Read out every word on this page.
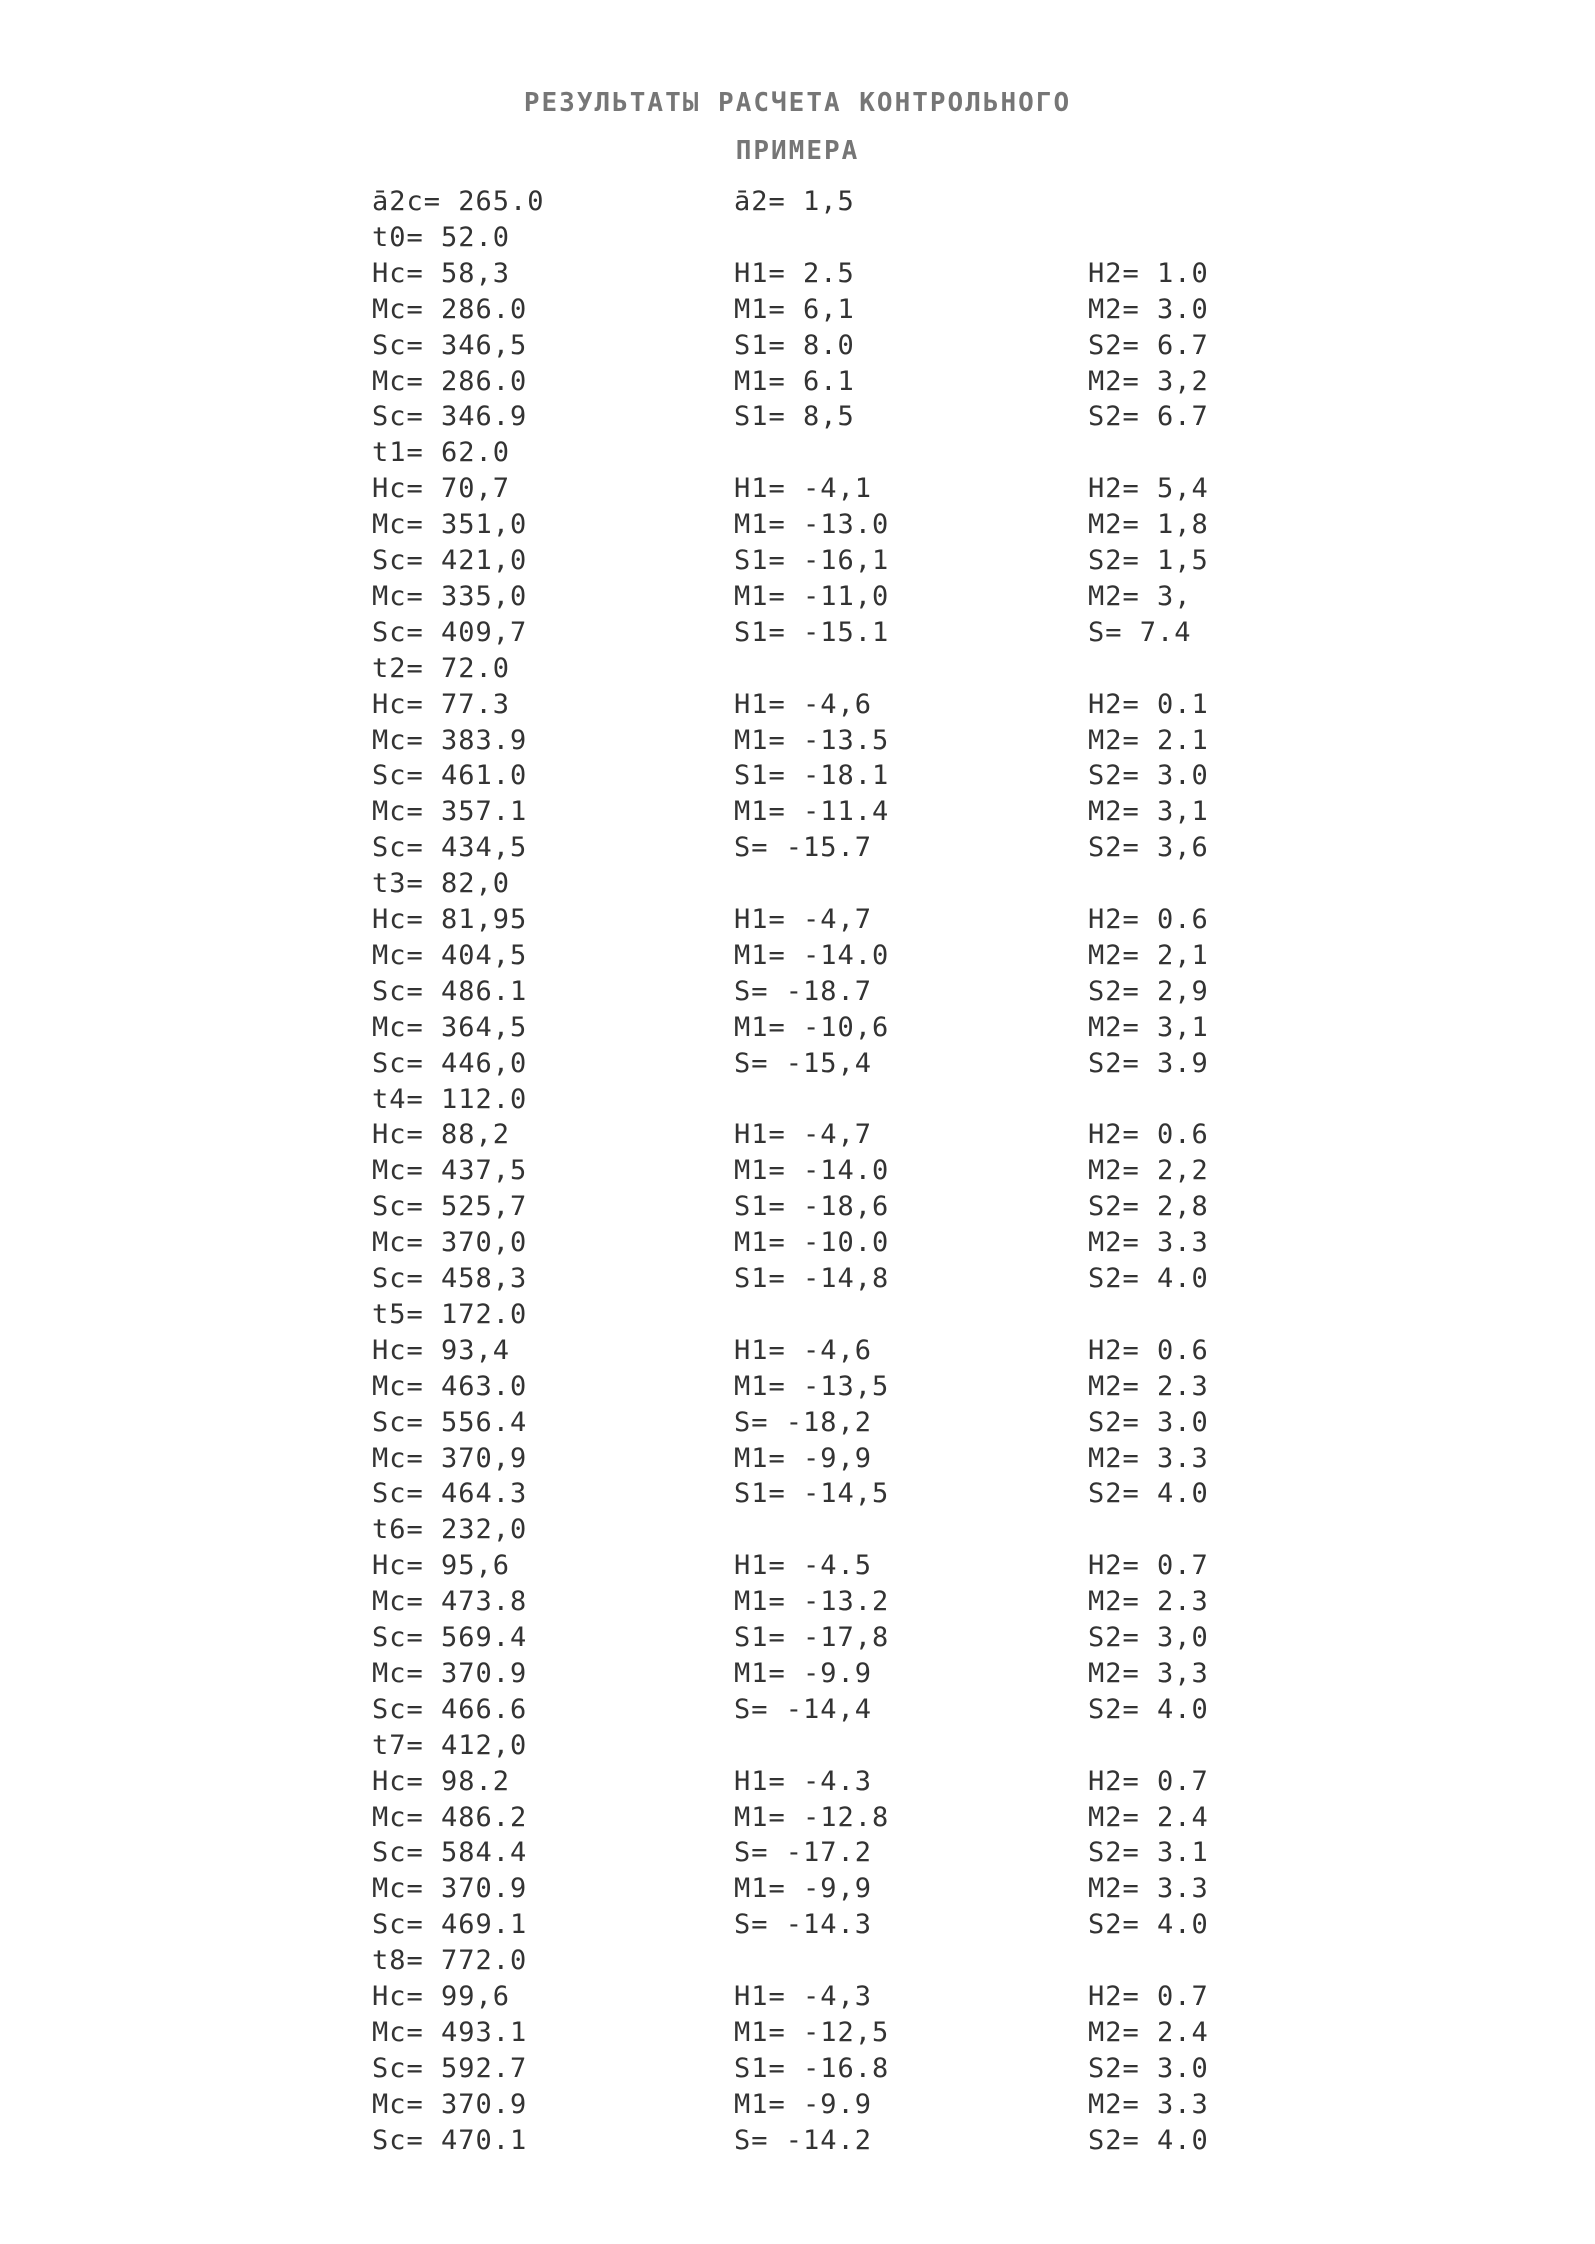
РЕЗУЛЬТАТЫ РАСЧЕТА КОНТРОЛЬНОГО
ПРИМЕРА
ā2c= 265.0	ā2= 1,5
t0= 52.0
Hc= 58,3	H1= 2.5	H2= 1.0
Mc= 286.0	M1= 6,1	M2= 3.0
Sc= 346,5	S1= 8.0	S2= 6.7
Mc= 286.0	M1= 6.1	M2= 3,2
Sc= 346.9	S1= 8,5	S2= 6.7
t1= 62.0
Hc= 70,7	H1= -4,1	H2= 5,4
Mc= 351,0	M1= -13.0	M2= 1,8
Sc= 421,0	S1= -16,1	S2= 1,5
Mc= 335,0	M1= -11,0	M2= 3,
Sc= 409,7	S1= -15.1	S= 7.4
t2= 72.0
Hc= 77.3	H1= -4,6	H2= 0.1
Mc= 383.9	M1= -13.5	M2= 2.1
Sc= 461.0	S1= -18.1	S2= 3.0
Mc= 357.1	M1= -11.4	M2= 3,1
Sc= 434,5	S= -15.7	S2= 3,6
t3= 82,0
Hc= 81,95	H1= -4,7	H2= 0.6
Mc= 404,5	M1= -14.0	M2= 2,1
Sc= 486.1	S= -18.7	S2= 2,9
Mc= 364,5	M1= -10,6	M2= 3,1
Sc= 446,0	S= -15,4	S2= 3.9
t4= 112.0
Hc= 88,2	H1= -4,7	H2= 0.6
Mc= 437,5	M1= -14.0	M2= 2,2
Sc= 525,7	S1= -18,6	S2= 2,8
Mc= 370,0	M1= -10.0	M2= 3.3
Sc= 458,3	S1= -14,8	S2= 4.0
t5= 172.0
Hc= 93,4	H1= -4,6	H2= 0.6
Mc= 463.0	M1= -13,5	M2= 2.3
Sc= 556.4	S= -18,2	S2= 3.0
Mc= 370,9	M1= -9,9	M2= 3.3
Sc= 464.3	S1= -14,5	S2= 4.0
t6= 232,0
Hc= 95,6	H1= -4.5	H2= 0.7
Mc= 473.8	M1= -13.2	M2= 2.3
Sc= 569.4	S1= -17,8	S2= 3,0
Mc= 370.9	M1= -9.9	M2= 3,3
Sc= 466.6	S= -14,4	S2= 4.0
t7= 412,0
Hc= 98.2	H1= -4.3	H2= 0.7
Mc= 486.2	M1= -12.8	M2= 2.4
Sc= 584.4	S= -17.2	S2= 3.1
Mc= 370.9	M1= -9,9	M2= 3.3
Sc= 469.1	S= -14.3	S2= 4.0
t8= 772.0
Hc= 99,6	H1= -4,3	H2= 0.7
Mc= 493.1	M1= -12,5	M2= 2.4
Sc= 592.7	S1= -16.8	S2= 3.0
Mc= 370.9	M1= -9.9	M2= 3.3
Sc= 470.1	S= -14.2	S2= 4.0
